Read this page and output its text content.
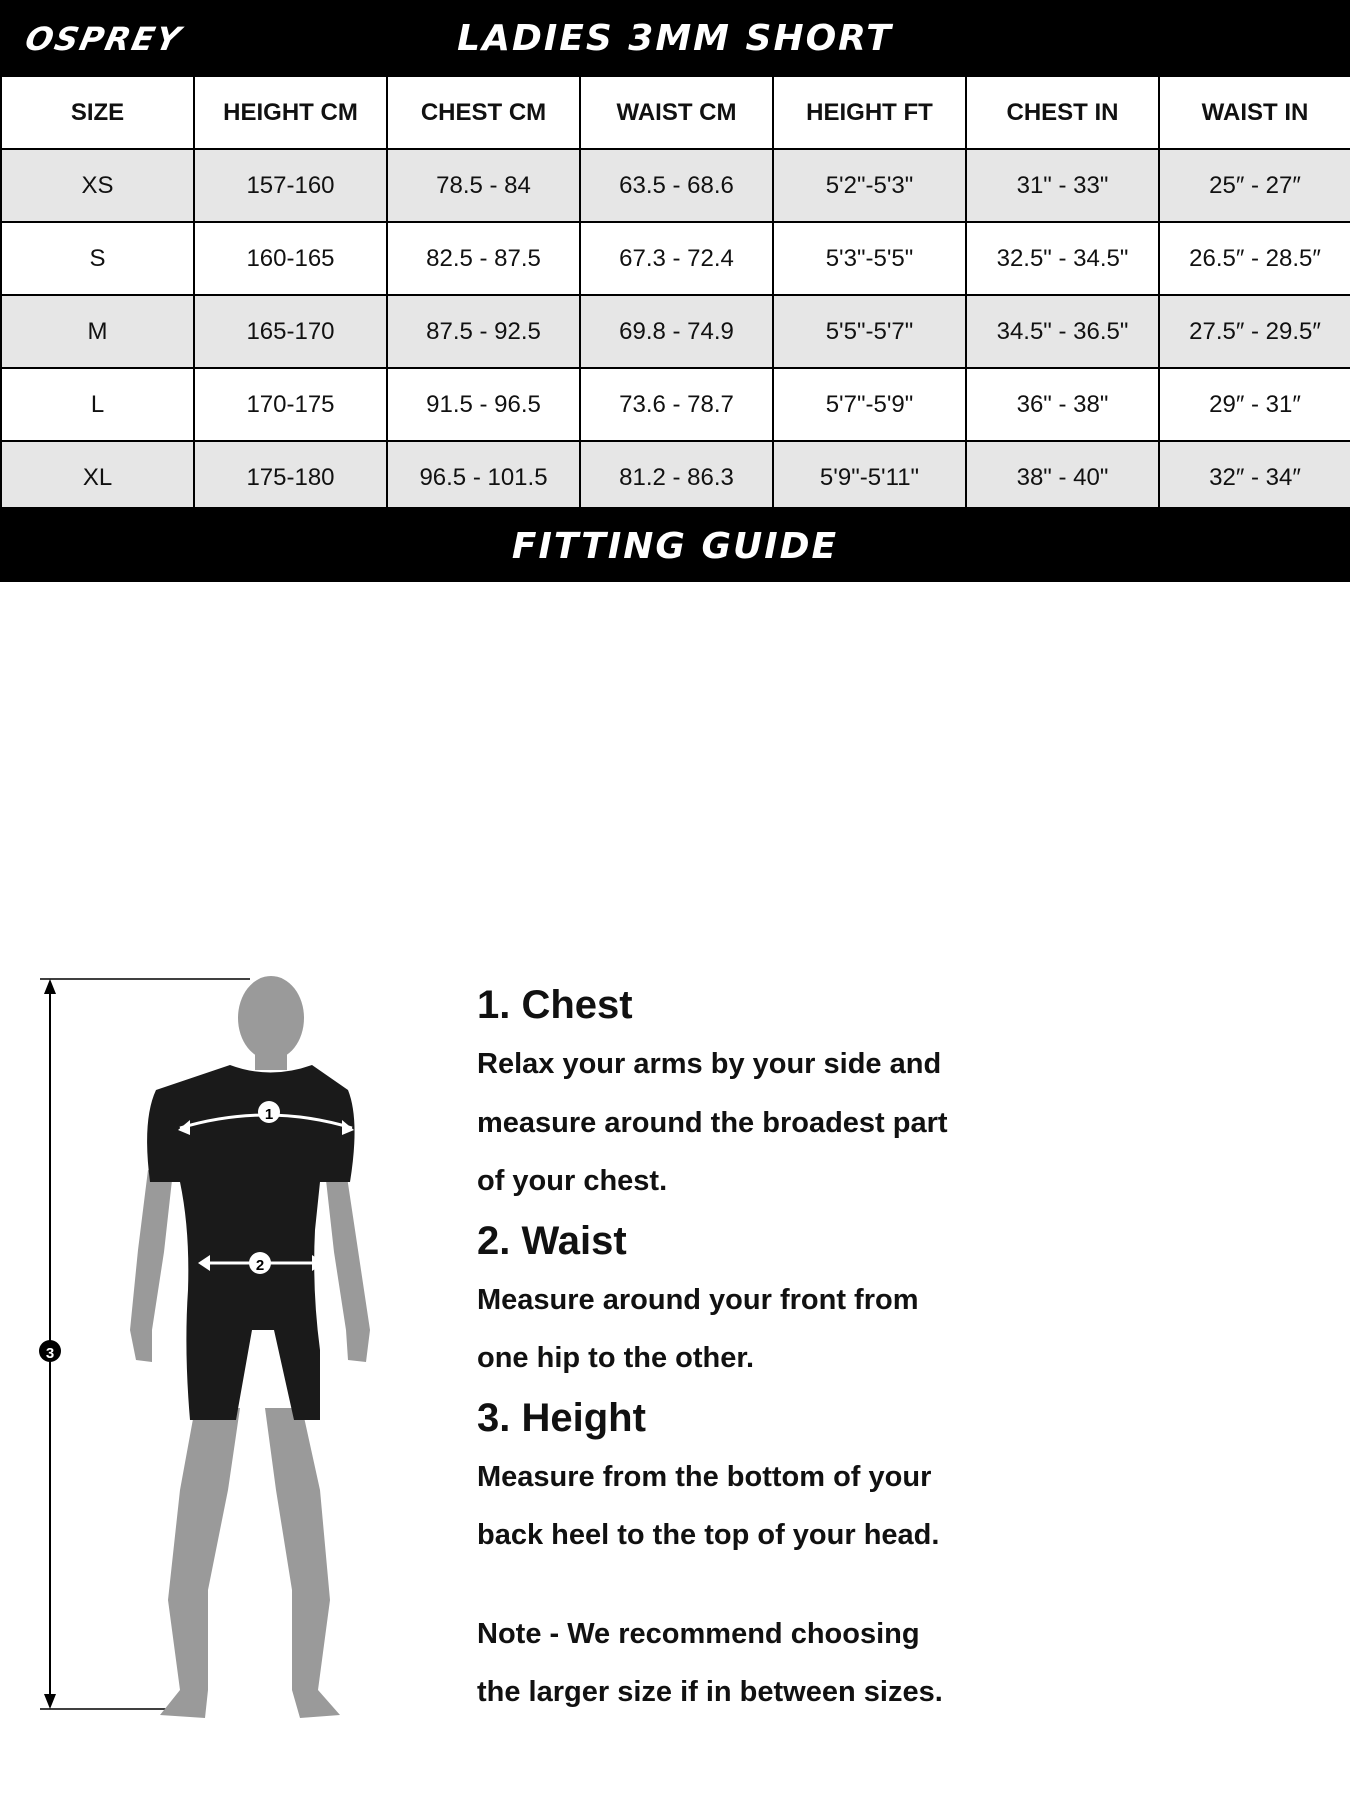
OSPREY	LADIES 3MM SHORT
SIZE	HEIGHT CM	CHEST CM	WAIST CM	HEIGHT FT	CHEST IN	WAIST IN
XS	157-160	78.5 - 84	63.5 - 68.6	5'2"-5'3"	31" - 33"	25″ - 27″
S	160-165	82.5 - 87.5	67.3 - 72.4	5'3"-5'5"	32.5" - 34.5"	26.5″ - 28.5″
M	165-170	87.5 - 92.5	69.8 - 74.9	5'5"-5'7"	34.5" - 36.5"	27.5″ - 29.5″
L	170-175	91.5 - 96.5	73.6 - 78.7	5'7"-5'9"	36" - 38"	29″ - 31″
XL	175-180	96.5 - 101.5	81.2 - 86.3	5'9"-5'11"	38" - 40"	32″ - 34″
FITTING GUIDE
1
2
3

1. Chest

Relax your arms by your side and

measure around the broadest part

of your chest.

2. Waist

Measure around your front from

one hip to the other.

3. Height

Measure from the bottom of your

back heel to the top of your head.

Note - We recommend choosing

the larger size if in between sizes.
